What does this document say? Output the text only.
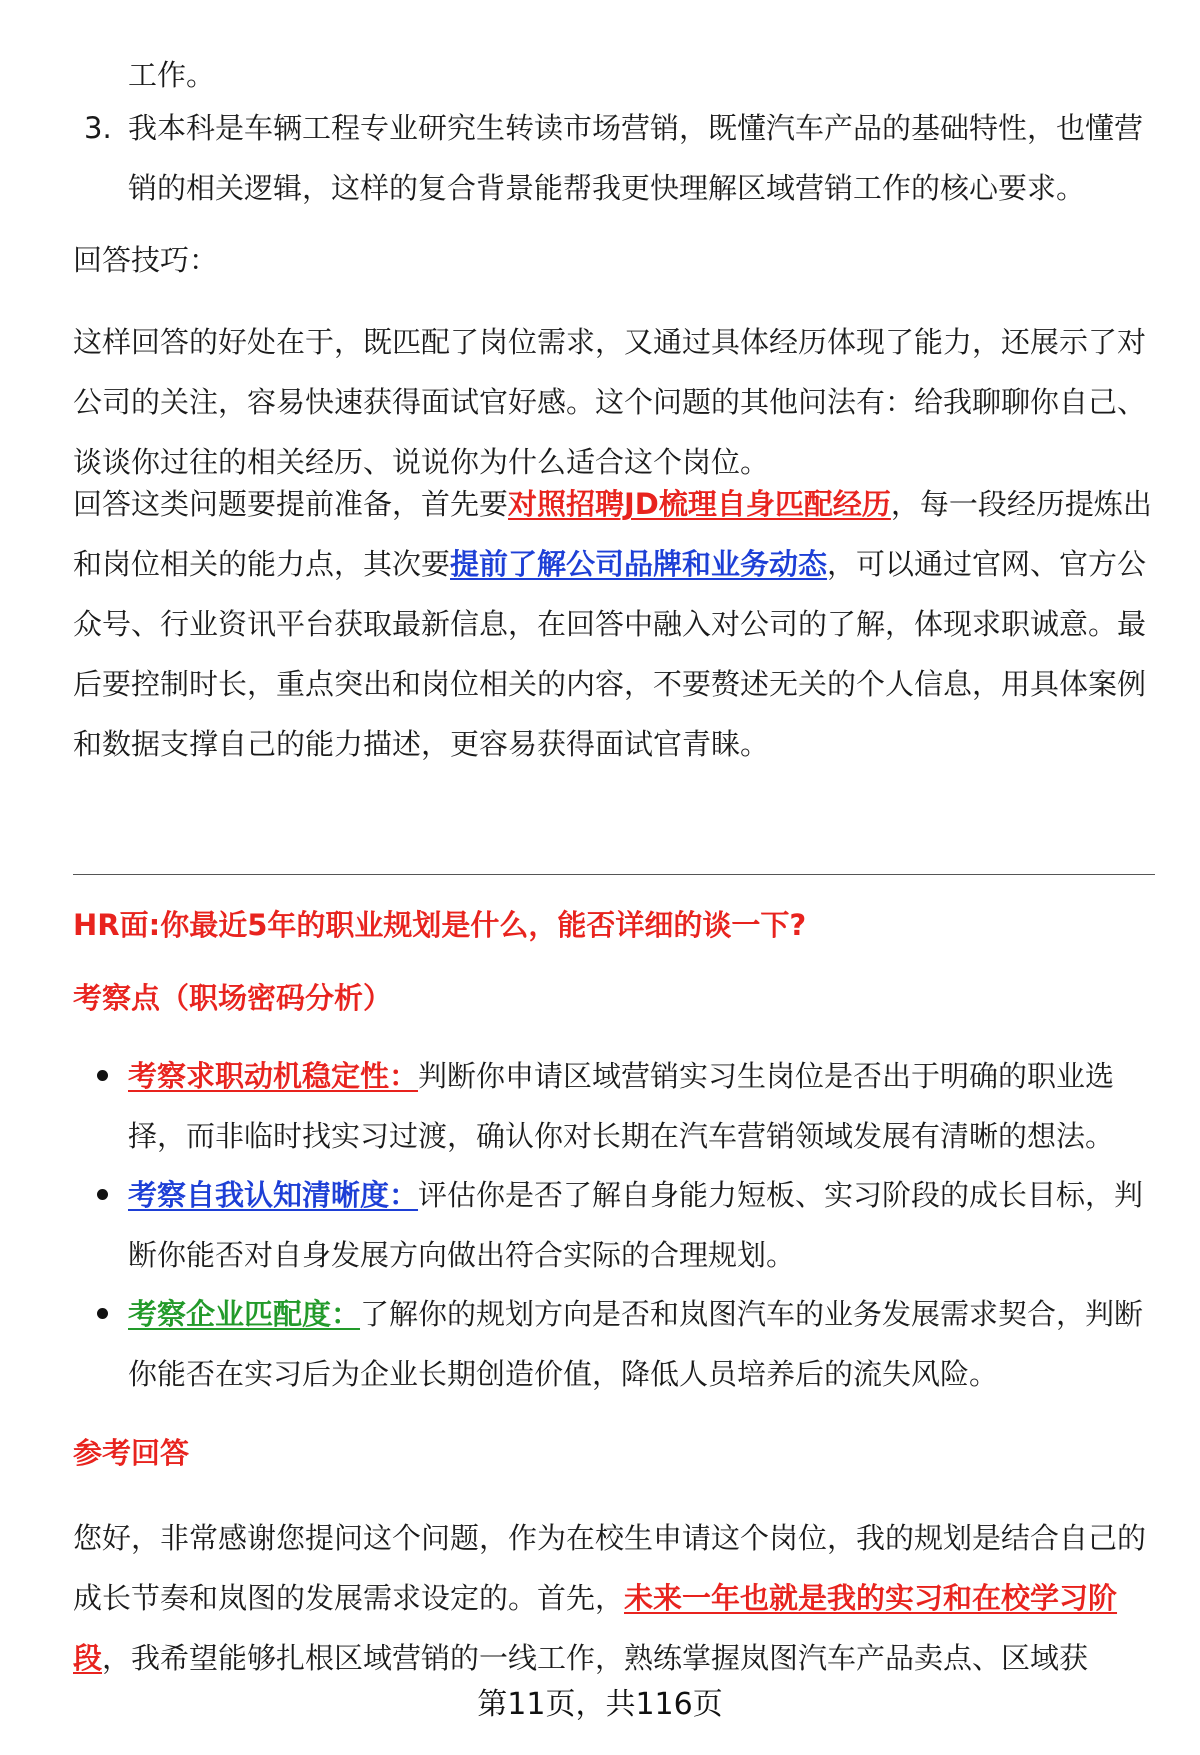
工作。
3. 我本科是车辆工程专业研究生转读市场营销，既懂汽车产品的基础特性，也懂营销的相关逻辑，这样的复合背景能帮我更快理解区域营销工作的核心要求。
回答技巧：
这样回答的好处在于，既匹配了岗位需求，又通过具体经历体现了能力，还展示了对公司的关注，容易快速获得面试官好感。这个问题的其他问法有：给我聊聊你自己、谈谈你过往的相关经历、说说你为什么适合这个岗位。
回答这类问题要提前准备，首先要对照招聘JD梳理自身匹配经历，每一段经历提炼出和岗位相关的能力点，其次要提前了解公司品牌和业务动态，可以通过官网、官方公众号、行业资讯平台获取最新信息，在回答中融入对公司的了解，体现求职诚意。最后要控制时长，重点突出和岗位相关的内容，不要赘述无关的个人信息，用具体案例和数据支撑自己的能力描述，更容易获得面试官青睐。
HR面:你最近5年的职业规划是什么，能否详细的谈一下?
考察点（职场密码分析）
考察求职动机稳定性：判断你申请区域营销实习生岗位是否出于明确的职业选择，而非临时找实习过渡，确认你对长期在汽车营销领域发展有清晰的想法。
考察自我认知清晰度：评估你是否了解自身能力短板、实习阶段的成长目标，判断你能否对自身发展方向做出符合实际的合理规划。
考察企业匹配度：了解你的规划方向是否和岚图汽车的业务发展需求契合，判断你能否在实习后为企业长期创造价值，降低人员培养后的流失风险。
参考回答
您好，非常感谢您提问这个问题，作为在校生申请这个岗位，我的规划是结合自己的成长节奏和岚图的发展需求设定的。首先，未来一年也就是我的实习和在校学习阶段，我希望能够扎根区域营销的一线工作，熟练掌握岚图汽车产品卖点、区域获
第11页，共116页
